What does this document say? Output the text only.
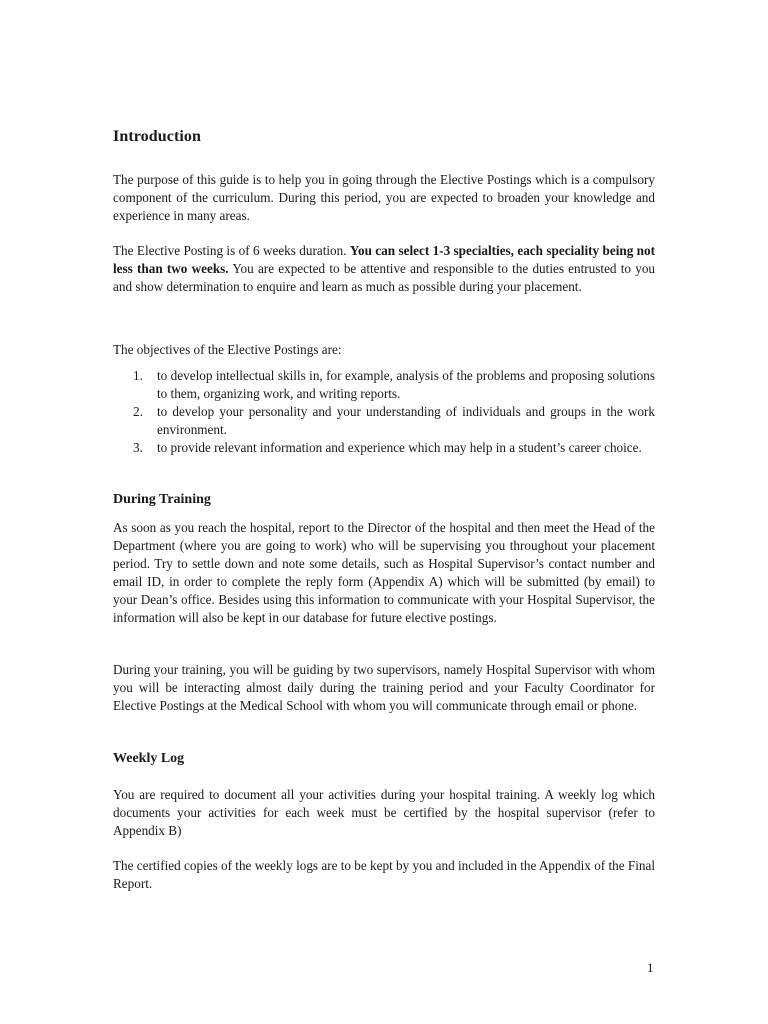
Introduction

The purpose of this guide is to help you in going through the Elective Postings which is a compulsory component of the curriculum. During this period, you are expected to broaden your knowledge and experience in many areas.

The Elective Posting is of 6 weeks duration. You can select 1-3 specialties, each speciality being not less than two weeks. You are expected to be attentive and responsible to the duties entrusted to you and show determination to enquire and learn as much as possible during your placement.

The objectives of the Elective Postings are:

1.	to develop intellectual skills in, for example, analysis of the problems and proposing solutions to them, organizing work, and writing reports.
2.	to develop your personality and your understanding of individuals and groups in the work environment.
3.	to provide relevant information and experience which may help in a student’s career choice.
During Training

As soon as you reach the hospital, report to the Director of the hospital and then meet the Head of the Department (where you are going to work) who will be supervising you throughout your placement period. Try to settle down and note some details, such as Hospital Supervisor’s contact number and email ID, in order to complete the reply form (Appendix A) which will be submitted (by email) to your Dean’s office. Besides using this information to communicate with your Hospital Supervisor, the information will also be kept in our database for future elective postings.

During your training, you will be guiding by two supervisors, namely Hospital Supervisor with whom you will be interacting almost daily during the training period and your Faculty Coordinator for Elective Postings at the Medical School with whom you will communicate through email or phone.

Weekly Log

You are required to document all your activities during your hospital training. A weekly log which documents your activities for each week must be certified by the hospital supervisor (refer to Appendix B)

The certified copies of the weekly logs are to be kept by you and included in the Appendix of the Final Report.

1
